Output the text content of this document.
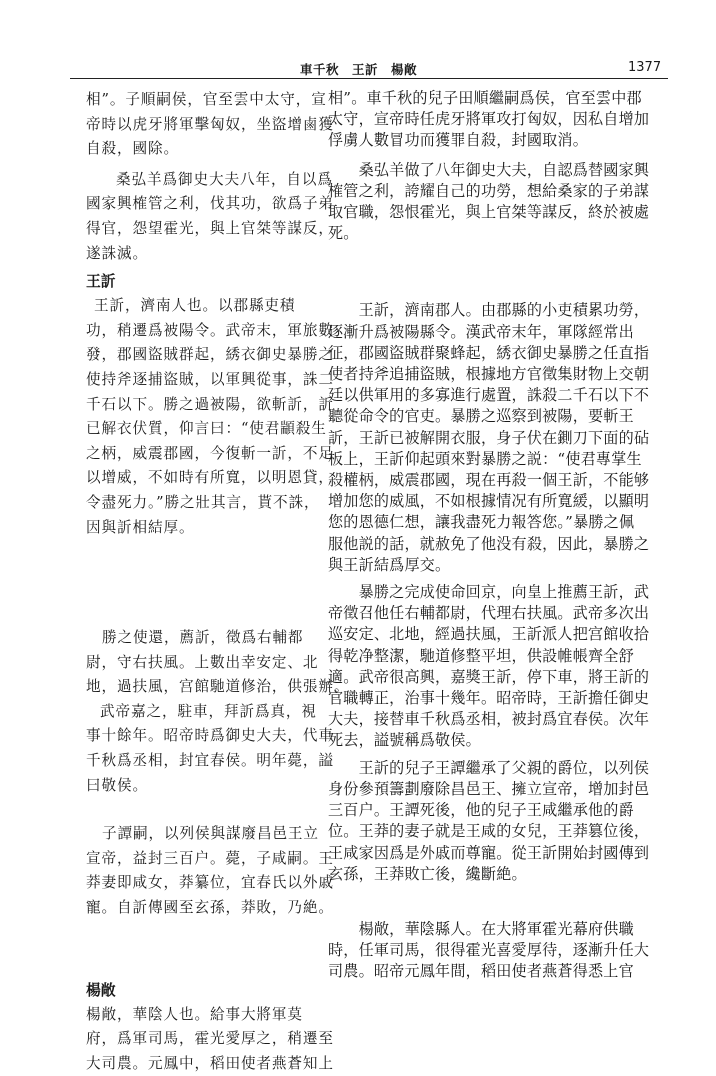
車千秋　王訢　楊敞	1377

相”。子順嗣侯，官至雲中太守，宣

帝時以虎牙將軍擊匈奴，坐盜增鹵獲

自殺，國除。

桑弘羊爲御史大夫八年，自以爲

國家興榷管之利，伐其功，欲爲子弟

得官，怨望霍光，與上官桀等謀反，

遂誅滅。

王訢

王訢，濟南人也。以郡縣吏積

功，稍遷爲被陽令。武帝末，軍旅數

發，郡國盜賊群起，綉衣御史暴勝之

使持斧逐捕盜賊，以軍興從事，誅二

千石以下。勝之過被陽，欲斬訢，訢

已解衣伏質，仰言曰：“使君顓殺生

之柄，威震郡國，今復斬一訢，不足

以增威，不如時有所寬，以明恩貸，

令盡死力。”勝之壯其言，貰不誅，

因與訢相結厚。

勝之使還，薦訢，徵爲右輔都

尉，守右扶風。上數出幸安定、北

地，過扶風，宫館馳道修治，供張辦。

武帝嘉之，駐車，拜訢爲真，視

事十餘年。昭帝時爲御史大夫，代車

千秋爲丞相，封宜春侯。明年薨，謚

曰敬侯。

子譚嗣，以列侯與謀廢昌邑王立

宣帝，益封三百户。薨，子咸嗣。王

莽妻即咸女，莽纂位，宜春氏以外戚

寵。自訢傳國至玄孫，莽敗，乃絶。

楊敞

楊敞，華陰人也。給事大將軍莫

府，爲軍司馬，霍光愛厚之，稍遷至

大司農。元鳳中，稻田使者燕蒼知上

相”。車千秋的兒子田順繼嗣爲侯，官至雲中郡

太守，宣帝時任虎牙將軍攻打匈奴，因私自增加

俘虜人數冒功而獲罪自殺，封國取消。

　　桑弘羊做了八年御史大夫，自認爲替國家興

榷管之利，誇耀自己的功勞，想給桑家的子弟謀

取官職，怨恨霍光，與上官桀等謀反，終於被處

死。

　　王訢，濟南郡人。由郡縣的小吏積累功勞，

逐漸升爲被陽縣令。漢武帝末年，軍隊經常出

征，郡國盜賊群聚蜂起，綉衣御史暴勝之任直指

使者持斧追捕盜賊，根據地方官徵集財物上交朝

廷以供軍用的多寡進行處置，誅殺二千石以下不

聽從命令的官吏。暴勝之巡察到被陽，要斬王

訢，王訢已被解開衣服，身子伏在鍘刀下面的砧

板上，王訢仰起頭來對暴勝之説：“使君專掌生

殺權柄，威震郡國，現在再殺一個王訢，不能够

增加您的威風，不如根據情况有所寬緩，以顯明

您的恩德仁想，讓我盡死力報答您。”暴勝之佩

服他説的話，就赦免了他没有殺，因此，暴勝之

與王訢結爲厚交。

　　暴勝之完成使命回京，向皇上推薦王訢，武

帝徵召他任右輔都尉，代理右扶風。武帝多次出

巡安定、北地，經過扶風，王訢派人把宫館收拾

得乾净整潔，馳道修整平坦，供設帷帳齊全舒

適。武帝很高興，嘉獎王訢，停下車，將王訢的

官職轉正，治事十幾年。昭帝時，王訢擔任御史

大夫，接替車千秋爲丞相，被封爲宜春侯。次年

死去，謚號稱爲敬侯。

　　王訢的兒子王譚繼承了父親的爵位，以列侯

身份參預籌劃廢除昌邑王、擁立宣帝，增加封邑

三百户。王譚死後，他的兒子王咸繼承他的爵

位。王莽的妻子就是王咸的女兒，王莽篡位後，

王咸家因爲是外戚而尊寵。從王訢開始封國傳到

玄孫，王莽敗亡後，纔斷絶。

　　楊敞，華陰縣人。在大將軍霍光幕府供職

時，任軍司馬，很得霍光喜愛厚待，逐漸升任大

司農。昭帝元鳳年間，稻田使者燕蒼得悉上官
